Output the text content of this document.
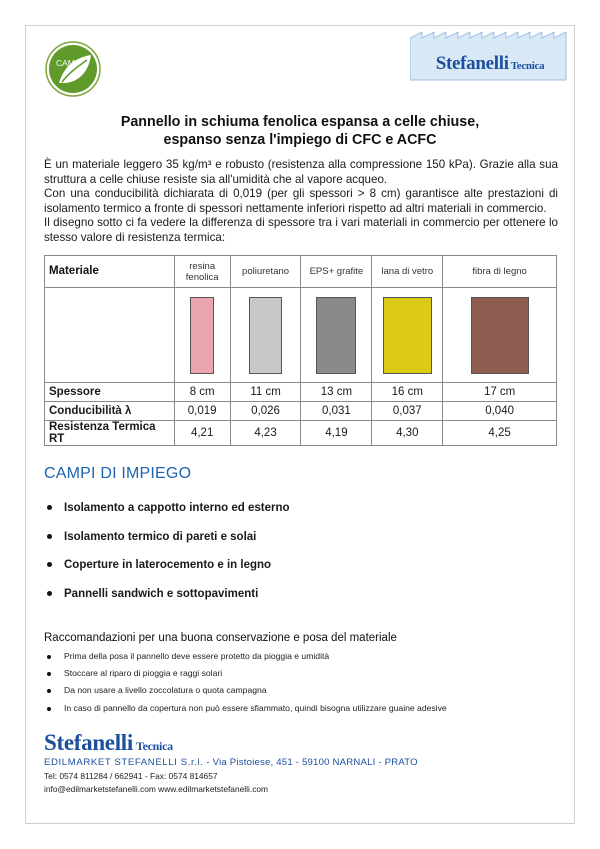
CAM	Stefanelli Tecnica
Pannello in schiuma fenolica espansa a celle chiuse,
espanso senza l'impiego di CFC e ACFC

È un materiale leggero 35 kg/m³ e robusto (resistenza alla compressione 150 kPa). Grazie alla sua struttura a celle chiuse resiste sia all'umidità che al vapore acqueo.

Con una conducibilità dichiarata di 0,019 (per gli spessori > 8 cm) garantisce alte prestazioni di isolamento termico a fronte di spessori nettamente inferiori rispetto ad altri materiali in commercio.

Il disegno sotto ci fa vedere la differenza di spessore tra i vari materiali in commercio per ottenere lo stesso valore di resistenza termica:

Materiale	resina fenolica	poliuretano	EPS+ grafite	lana di vetro	fibra di legno

Spessore	8 cm	11 cm	13 cm	16 cm	17 cm
Conducibilità λ	0,019	0,026	0,031	0,037	0,040
Resistenza Termica RT	4,21	4,23	4,19	4,30	4,25
CAMPI DI IMPIEGO
Isolamento a cappotto interno ed esterno
Isolamento termico di pareti e solai
Coperture in laterocemento e in legno
Pannelli sandwich e sottopavimenti
Raccomandazioni per una buona conservazione e posa del materiale
Prima della posa il pannello deve essere protetto da pioggia e umidità
Stoccare al riparo di pioggia e raggi solari
Da non usare a livello zoccolatura o quota campagna
In caso di pannello da copertura non può essere sfiammato, quindi bisogna utilizzare guaine adesive
Stefanelli Tecnica
EDILMARKET STEFANELLI S.r.l. - Via Pistoiese, 451 - 59100 NARNALI - PRATO
Tel: 0574 811284 / 662941 - Fax: 0574 814657
info@edilmarketstefanelli.com www.edilmarketstefanelli.com
